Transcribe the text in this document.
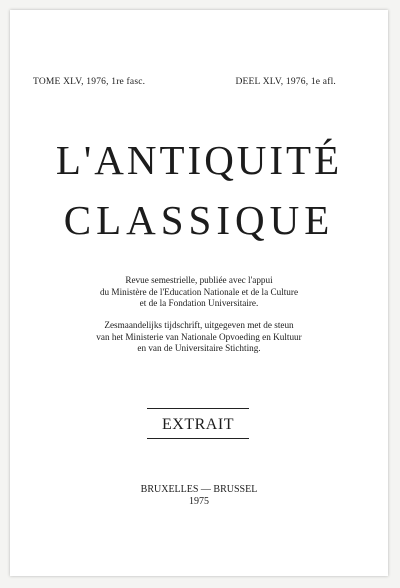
TOME XLV, 1976, 1re fasc.	DEEL XLV, 1976, 1e afl.
L'ANTIQUITÉ
CLASSIQUE
Revue semestrielle, publiée avec l'appui
du Ministère de l'Education Nationale et de la Culture
et de la Fondation Universitaire.
Zesmaandelijks tijdschrift, uitgegeven met de steun
van het Ministerie van Nationale Opvoeding en Kultuur
en van de Universitaire Stichting.
EXTRAIT
BRUXELLES — BRUSSEL
1975
